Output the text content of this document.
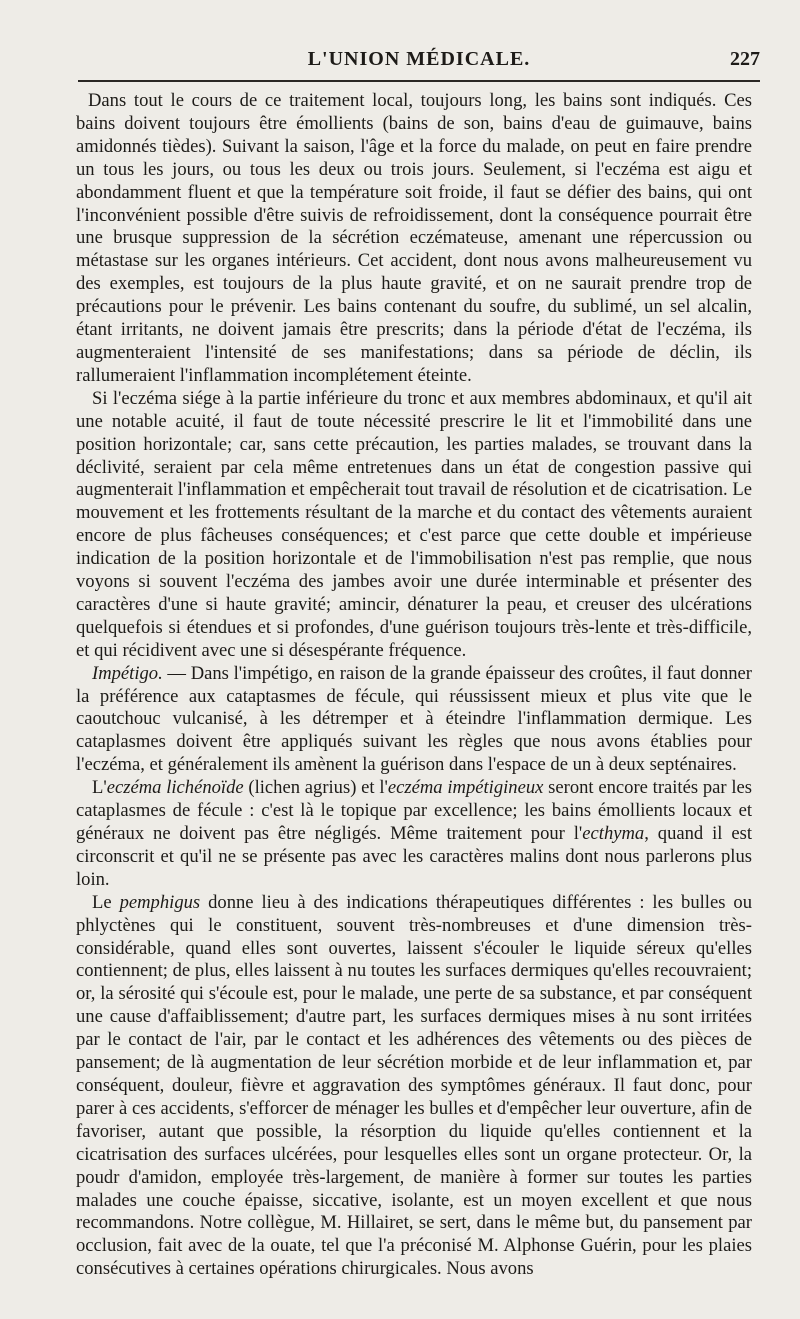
L'UNION MÉDICALE.	227

Dans tout le cours de ce traitement local, toujours long, les bains sont indiqués. Ces bains doivent toujours être émollients (bains de son, bains d'eau de guimauve, bains amidonnés tièdes). Suivant la saison, l'âge et la force du malade, on peut en faire prendre un tous les jours, ou tous les deux ou trois jours. Seulement, si l'eczéma est aigu et abondamment fluent et que la température soit froide, il faut se défier des bains, qui ont l'inconvénient possible d'être suivis de refroidissement, dont la conséquence pourrait être une brusque suppression de la sécrétion eczémateuse, amenant une répercussion ou métastase sur les organes intérieurs. Cet accident, dont nous avons malheureusement vu des exemples, est toujours de la plus haute gravité, et on ne saurait prendre trop de précautions pour le prévenir. Les bains contenant du soufre, du sublimé, un sel alcalin, étant irritants, ne doivent jamais être prescrits; dans la période d'état de l'eczéma, ils augmenteraient l'intensité de ses manifestations; dans sa période de déclin, ils rallumeraient l'inflammation incomplétement éteinte.

Si l'eczéma siége à la partie inférieure du tronc et aux membres abdominaux, et qu'il ait une notable acuité, il faut de toute nécessité prescrire le lit et l'immobilité dans une position horizontale; car, sans cette précaution, les parties malades, se trouvant dans la déclivité, seraient par cela même entretenues dans un état de congestion passive qui augmenterait l'inflammation et empêcherait tout travail de résolution et de cicatrisation. Le mouvement et les frottements résultant de la marche et du contact des vêtements auraient encore de plus fâcheuses conséquences; et c'est parce que cette double et impérieuse indication de la position horizontale et de l'immobilisation n'est pas remplie, que nous voyons si souvent l'eczéma des jambes avoir une durée interminable et présenter des caractères d'une si haute gravité; amincir, dénaturer la peau, et creuser des ulcérations quelquefois si étendues et si profondes, d'une guérison toujours très-lente et très-difficile, et qui récidivent avec une si désespérante fréquence.

Impétigo. — Dans l'impétigo, en raison de la grande épaisseur des croûtes, il faut donner la préférence aux cataptasmes de fécule, qui réussissent mieux et plus vite que le caoutchouc vulcanisé, à les détremper et à éteindre l'inflammation dermique. Les cataplasmes doivent être appliqués suivant les règles que nous avons établies pour l'eczéma, et généralement ils amènent la guérison dans l'espace de un à deux septénaires.

L'eczéma lichénoïde (lichen agrius) et l'eczéma impétigineux seront encore traités par les cataplasmes de fécule : c'est là le topique par excellence; les bains émollients locaux et généraux ne doivent pas être négligés. Même traitement pour l'ecthyma, quand il est circonscrit et qu'il ne se présente pas avec les caractères malins dont nous parlerons plus loin.

Le pemphigus donne lieu à des indications thérapeutiques différentes : les bulles ou phlyctènes qui le constituent, souvent très-nombreuses et d'une dimension très-considérable, quand elles sont ouvertes, laissent s'écouler le liquide séreux qu'elles contiennent; de plus, elles laissent à nu toutes les surfaces dermiques qu'elles recouvraient; or, la sérosité qui s'écoule est, pour le malade, une perte de sa substance, et par conséquent une cause d'affaiblissement; d'autre part, les surfaces dermiques mises à nu sont irritées par le contact de l'air, par le contact et les adhérences des vêtements ou des pièces de pansement; de là augmentation de leur sécrétion morbide et de leur inflammation et, par conséquent, douleur, fièvre et aggravation des symptômes généraux. Il faut donc, pour parer à ces accidents, s'efforcer de ménager les bulles et d'empêcher leur ouverture, afin de favoriser, autant que possible, la résorption du liquide qu'elles contiennent et la cicatrisation des surfaces ulcérées, pour lesquelles elles sont un organe protecteur. Or, la poudr d'amidon, employée très-largement, de manière à former sur toutes les parties malades une couche épaisse, siccative, isolante, est un moyen excellent et que nous recommandons. Notre collègue, M. Hillairet, se sert, dans le même but, du pansement par occlusion, fait avec de la ouate, tel que l'a préconisé M. Alphonse Guérin, pour les plaies consécutives à certaines opérations chirurgicales. Nous avons
